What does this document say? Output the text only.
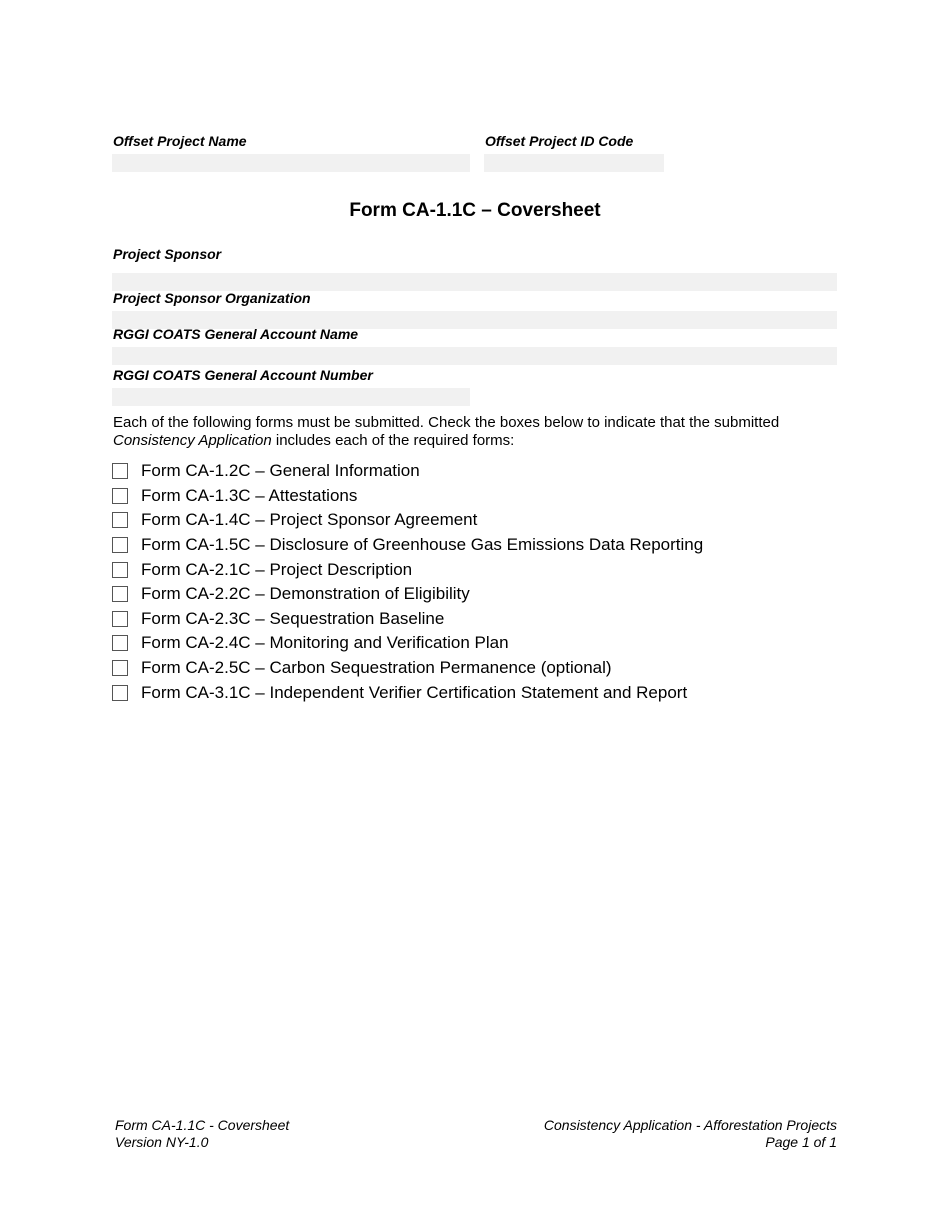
Offset Project Name	Offset Project ID Code
Form CA-1.1C – Coversheet
Project Sponsor
Project Sponsor Organization
RGGI COATS General Account Name
RGGI COATS General Account Number
Each of the following forms must be submitted. Check the boxes below to indicate that the submitted Consistency Application includes each of the required forms:
Form CA-1.2C – General Information
Form CA-1.3C – Attestations
Form CA-1.4C – Project Sponsor Agreement
Form CA-1.5C – Disclosure of Greenhouse Gas Emissions Data Reporting
Form CA-2.1C – Project Description
Form CA-2.2C – Demonstration of Eligibility
Form CA-2.3C – Sequestration Baseline
Form CA-2.4C – Monitoring and Verification Plan
Form CA-2.5C – Carbon Sequestration Permanence (optional)
Form CA-3.1C – Independent Verifier Certification Statement and Report
Form CA-1.1C - Coversheet
Version NY-1.0
Consistency Application - Afforestation Projects
Page 1 of 1
